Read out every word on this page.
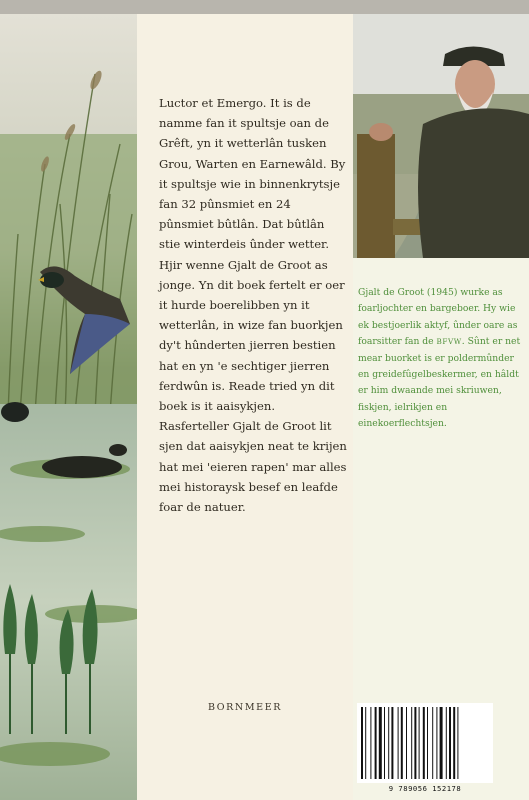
Luctor et Emergo. It is de namme fan it spultsje oan de Grêft, yn it wetterlân tusken Grou, Warten en Earnewâld. By it spultsje wie in binnenkrytsje fan 32 pûnsmiet en 24 pûnsmiet bûtlân. Dat bûtlân stie winterdeis ûnder wetter. Hjir wenne Gjalt de Groot as jonge. Yn dit boek fertelt er oer it hurde boerelibben yn it wetterlân, in wize fan buorkjen dy't hûnderten jierren bestien hat en yn 'e sechtiger jierren ferdwûn is. Reade tried yn dit boek is it aaisykjen. Rasferteller Gjalt de Groot lit sjen dat aaisykjen neat te krijen hat mei 'eieren rapen' mar alles mei historaysk besef en leafde foar de natuer.

Gjalt de Groot (1945) wurke as foarljochter en bargeboer. Hy wie ek bestjoerlik aktyf, ûnder oare as foarsitter fan de BFVW. Sûnt er net mear buorket is er poldermûnder en greidefûgelbeskermer, en hâldt er him dwaande mei skriuwen, fiskjen, ielrikjen en einekoerflechtsjen.

BORNMEER
9 789056 152178
